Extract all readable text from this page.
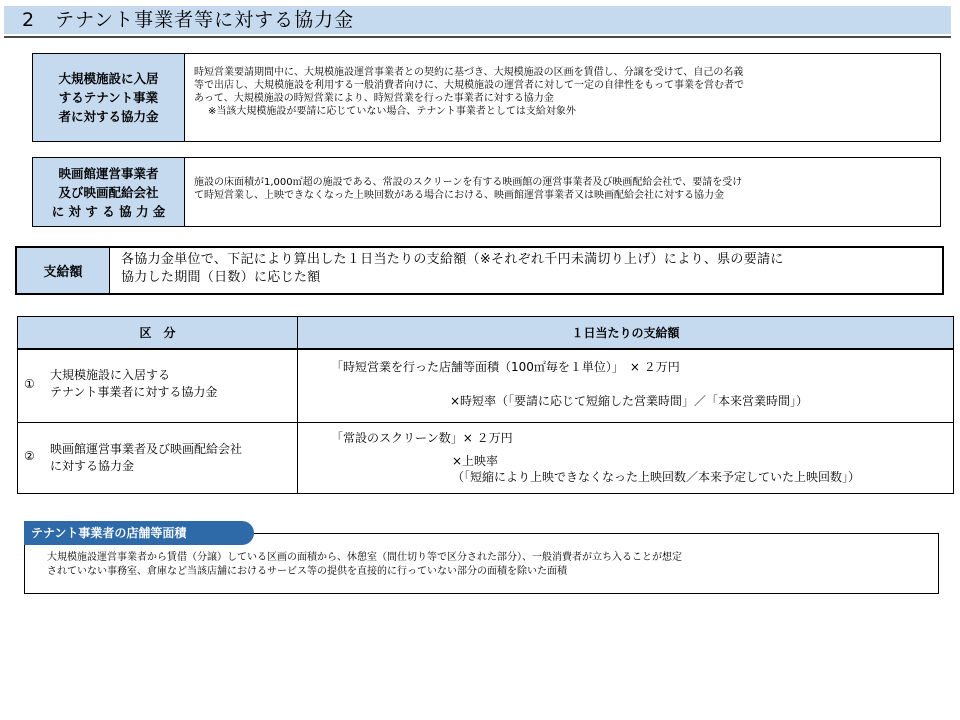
2　テナント事業者等に対する協力金
大規模施設に入居
するテナント事業
者に対する協力金
時短営業要請期間中に、大規模施設運営事業者との契約に基づき、大規模施設の区画を賃借し、分譲を受けて、自己の名義
等で出店し、大規模施設を利用する一般消費者向けに、大規模施設の運営者に対して一定の自律性をもって事業を営む者で
あって、大規模施設の時短営業により、時短営業を行った事業者に対する協力金
※当該大規模施設が要請に応じていない場合、テナント事業者としては支給対象外
映画館運営事業者
及び映画配給会社
に 対 す る 協 力 金
施設の床面積が1,000㎡超の施設である、常設のスクリーンを有する映画館の運営事業者及び映画配給会社で、要請を受け
て時短営業し、上映できなくなった上映回数がある場合における、映画館運営事業者又は映画配給会社に対する協力金
支給額
各協力金単位で、下記により算出した１日当たりの支給額（※それぞれ千円未満切り上げ）により、県の要請に
協力した期間（日数）に応じた額
区　分	１日当たりの支給額
①
大規模施設に入居する
テナント事業者に対する協力金
「時短営業を行った店舗等面積（100㎡毎を１単位）」　× ２万円
×時短率（「要請に応じて短縮した営業時間」／「本来営業時間」）
② 映画館運営事業者及び映画配給会社
に対する協力金
「常設のスクリーン数」× ２万円
×上映率
（「短縮により上映できなくなった上映回数／本来予定していた上映回数」）
大規模施設運営事業者から賃借（分譲）している区画の面積から、休憩室（間仕切り等で区分された部分）、一般消費者が立ち入ることが想定
されていない事務室、倉庫など当該店舗におけるサービス等の提供を直接的に行っていない部分の面積を除いた面積
テナント事業者の店舗等面積
